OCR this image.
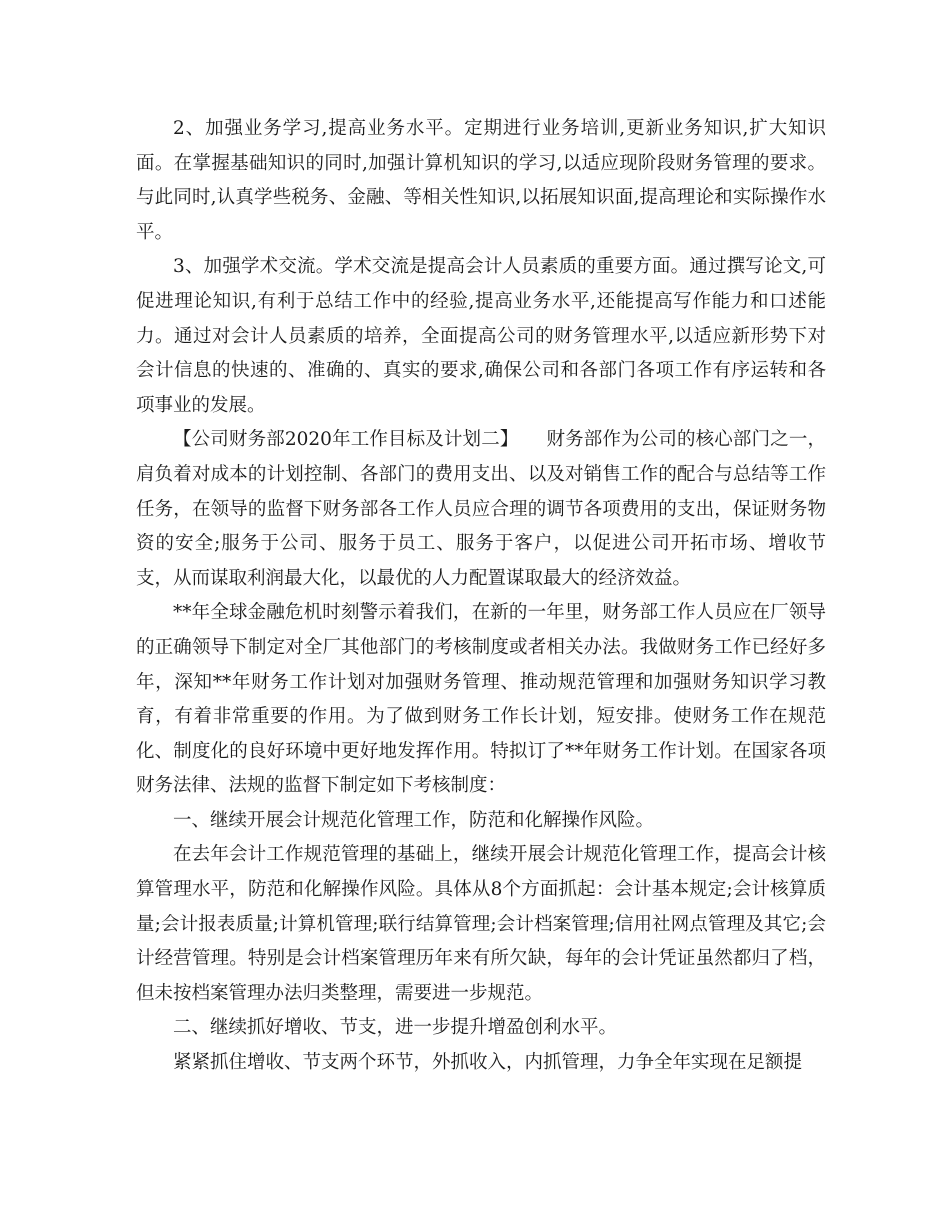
2、加强业务学习,提高业务水平。定期进行业务培训,更新业务知识,扩大知识面。在掌握基础知识的同时,加强计算机知识的学习,以适应现阶段财务管理的要求。与此同时,认真学些税务、金融、等相关性知识,以拓展知识面,提高理论和实际操作水平。

3、加强学术交流。学术交流是提高会计人员素质的重要方面。通过撰写论文,可促进理论知识,有利于总结工作中的经验,提高业务水平,还能提高写作能力和口述能力。通过对会计人员素质的培养，全面提高公司的财务管理水平,以适应新形势下对会计信息的快速的、准确的、真实的要求,确保公司和各部门各项工作有序运转和各项事业的发展。

【公司财务部2020年工作目标及计划二】　　财务部作为公司的核心部门之一，肩负着对成本的计划控制、各部门的费用支出、以及对销售工作的配合与总结等工作任务，在领导的监督下财务部各工作人员应合理的调节各项费用的支出，保证财务物资的安全;服务于公司、服务于员工、服务于客户，以促进公司开拓市场、增收节支，从而谋取利润最大化，以最优的人力配置谋取最大的经济效益。

**年全球金融危机时刻警示着我们，在新的一年里，财务部工作人员应在厂领导的正确领导下制定对全厂其他部门的考核制度或者相关办法。我做财务工作已经好多年，深知**年财务工作计划对加强财务管理、推动规范管理和加强财务知识学习教育，有着非常重要的作用。为了做到财务工作长计划，短安排。使财务工作在规范化、制度化的良好环境中更好地发挥作用。特拟订了**年财务工作计划。在国家各项财务法律、法规的监督下制定如下考核制度：

一、继续开展会计规范化管理工作，防范和化解操作风险。

在去年会计工作规范管理的基础上，继续开展会计规范化管理工作，提高会计核算管理水平，防范和化解操作风险。具体从8个方面抓起：会计基本规定;会计核算质量;会计报表质量;计算机管理;联行结算管理;会计档案管理;信用社网点管理及其它;会计经营管理。特别是会计档案管理历年来有所欠缺，每年的会计凭证虽然都归了档，但未按档案管理办法归类整理，需要进一步规范。

二、继续抓好增收、节支，进一步提升增盈创利水平。

紧紧抓住增收、节支两个环节，外抓收入，内抓管理，力争全年实现在足额提
